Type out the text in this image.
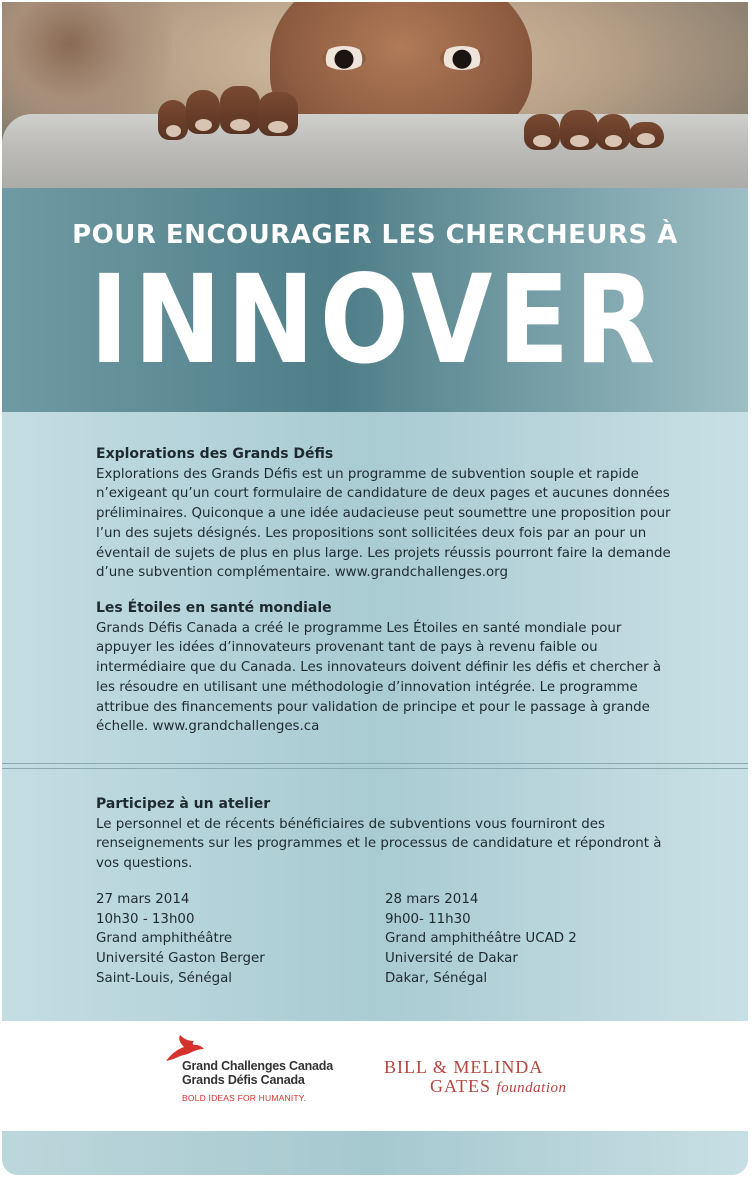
POUR ENCOURAGER LES CHERCHEURS À
INNOVER
Explorations des Grands Défis

Explorations des Grands Défis est un programme de subvention souple et rapide n’exigeant qu’un court formulaire de candidature de deux pages et aucunes données préliminaires. Quiconque a une idée audacieuse peut soumettre une proposition pour l’un des sujets désignés. Les propositions sont sollicitées deux fois par an pour un éventail de sujets de plus en plus large. Les projets réussis pourront faire la demande d’une subvention complémentaire. www.grandchallenges.org

Les Étoiles en santé mondiale

Grands Défis Canada a créé le programme Les Étoiles en santé mondiale pour appuyer les idées d’innovateurs provenant tant de pays à revenu faible ou intermédiaire que du Canada. Les innovateurs doivent définir les défis et chercher à les résoudre en utilisant une méthodologie d’innovation intégrée. Le programme attribue des financements pour validation de principe et pour le passage à grande échelle. www.grandchallenges.ca

Participez à un atelier

Le personnel et de récents bénéficiaires de subventions vous fourniront des renseignements sur les programmes et le processus de candidature et répondront à vos questions.

27 mars 2014
10h30 - 13h00
Grand amphithéâtre
Université Gaston Berger
Saint-Louis, Sénégal
28 mars 2014
9h00- 11h30
Grand amphithéâtre UCAD 2
Université de Dakar
Dakar, Sénégal
Grand Challenges Canada
Grands Défis Canada
BOLD IDEAS FOR HUMANITY.
BILL & MELINDA
GATES foundation
